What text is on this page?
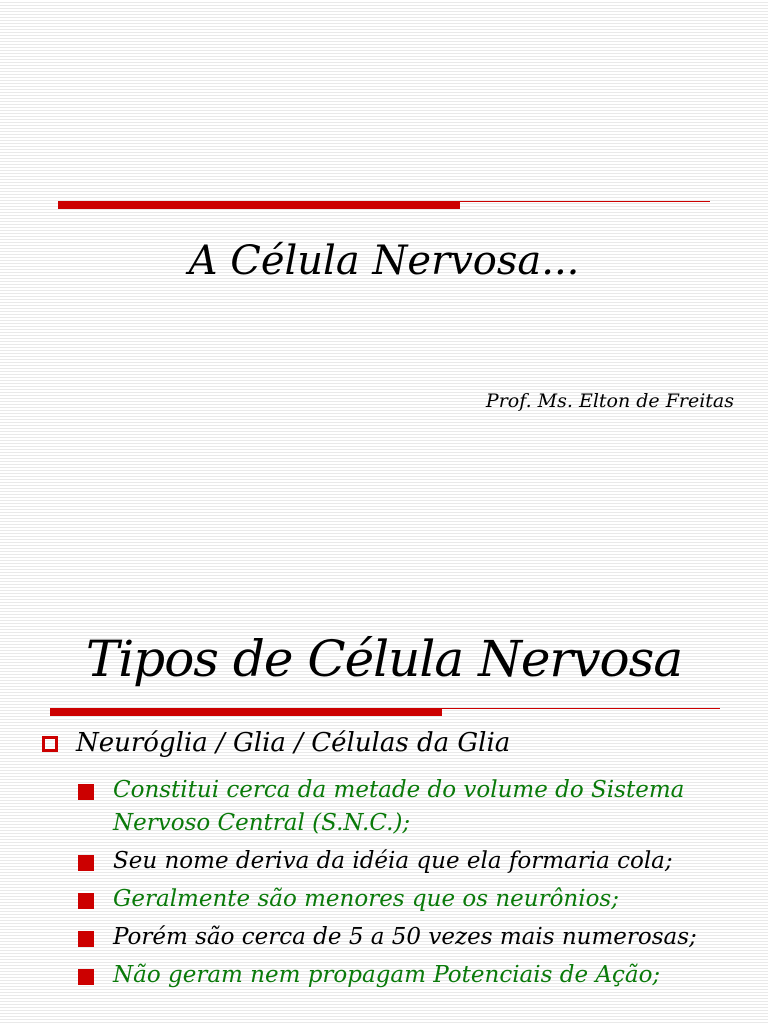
A Célula Nervosa...
Prof. Ms. Elton de Freitas
Tipos de Célula Nervosa
Neuróglia / Glia / Células da Glia
Constitui cerca da metade do volume do Sistema Nervoso Central (S.N.C.);
Seu nome deriva da idéia que ela formaria cola;
Geralmente são menores que os neurônios;
Porém são cerca de 5 a 50 vezes mais numerosas;
Não geram nem propagam Potenciais de Ação;
